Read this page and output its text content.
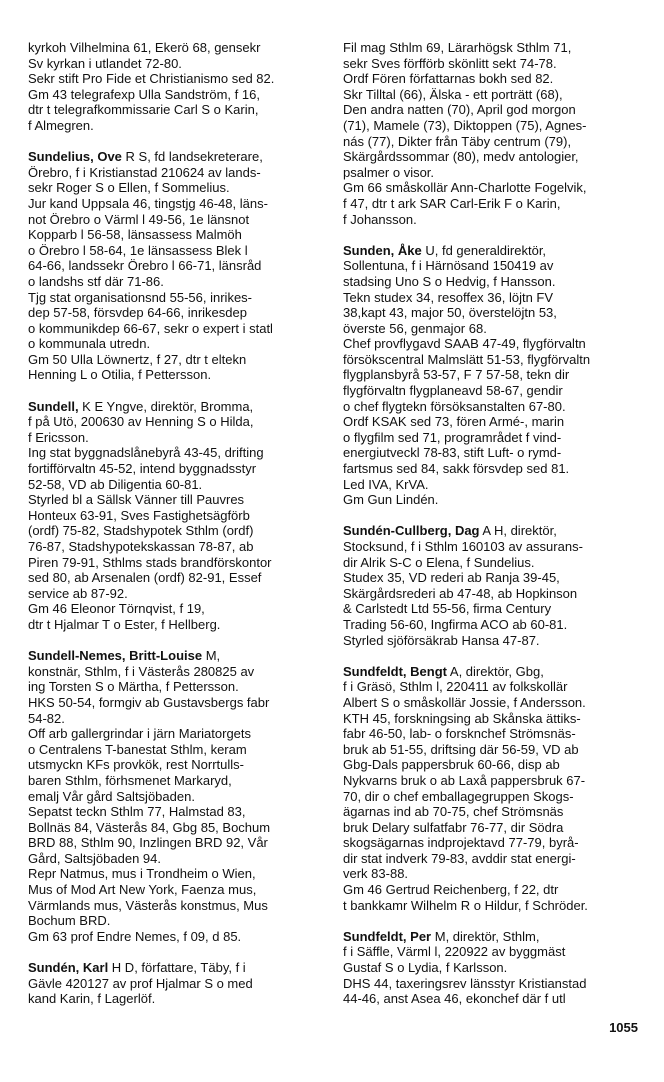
kyrkoh Vilhelmina 61, Ekerö 68, gensekr
Sv kyrkan i utlandet 72-80.
Sekr stift Pro Fide et Christianismo sed 82.
Gm 43 telegrafexp Ulla Sandström, f 16,
dtr t telegrafkommissarie Carl S o Karin,
f Almegren.
Sundelius, Ove R S, fd landsekreterare,
Örebro, f i Kristianstad 210624 av lands-
sekr Roger S o Ellen, f Sommelius.
Jur kand Uppsala 46, tingstjg 46-48, läns-
not Örebro o Värml l 49-56, 1e länsnot
Kopparb l 56-58, länsassess Malmöh
o Örebro l 58-64, 1e länsassess Blek l
64-66, landssekr Örebro l 66-71, länsråd
o landshs stf där 71-86.
Tjg stat organisationsnd 55-56, inrikes-
dep 57-58, försvdep 64-66, inrikesdep
o kommunikdep 66-67, sekr o expert i statl
o kommunala utredn.
Gm 50 Ulla Löwnertz, f 27, dtr t eltekn
Henning L o Otilia, f Pettersson.
Sundell, K E Yngve, direktör, Bromma,
f på Utö, 200630 av Henning S o Hilda,
f Ericsson.
Ing stat byggnadslånebyrå 43-45, drifting
fortifförvaltn 45-52, intend byggnadsstyr
52-58, VD ab Diligentia 60-81.
Styrled bl a Sällsk Vänner till Pauvres
Honteux 63-91, Sves Fastighetsägförb
(ordf) 75-82, Stadshypotek Sthlm (ordf)
76-87, Stadshypotekskassan 78-87, ab
Piren 79-91, Sthlms stads brandförskontor
sed 80, ab Arsenalen (ordf) 82-91, Essef
service ab 87-92.
Gm 46 Eleonor Törnqvist, f 19,
dtr t Hjalmar T o Ester, f Hellberg.
Sundell-Nemes, Britt-Louise M,
konstnär, Sthlm, f i Västerås 280825 av
ing Torsten S o Märtha, f Pettersson.
HKS 50-54, formgiv ab Gustavsbergs fabr
54-82.
Off arb gallergrindar i järn Mariatorgets
o Centralens T-banestat Sthlm, keram
utsmyckn KFs provkök, rest Norrtulls-
baren Sthlm, förhsmenet Markaryd,
emalj Vår gård Saltsjöbaden.
Sepatst teckn Sthlm 77, Halmstad 83,
Bollnäs 84, Västerås 84, Gbg 85, Bochum
BRD 88, Sthlm 90, Inzlingen BRD 92, Vår
Gård, Saltsjöbaden 94.
Repr Natmus, mus i Trondheim o Wien,
Mus of Mod Art New York, Faenza mus,
Värmlands mus, Västerås konstmus, Mus
Bochum BRD.
Gm 63 prof Endre Nemes, f 09, d 85.
Sundén, Karl H D, författare, Täby, f i
Gävle 420127 av prof Hjalmar S o med
kand Karin, f Lagerlöf.
Fil mag Sthlm 69, Lärarhögsk Sthlm 71,
sekr Sves förfförb skönlitt sekt 74-78.
Ordf Fören författarnas bokh sed 82.
Skr Tilltal (66), Älska - ett porträtt (68),
Den andra natten (70), April god morgon
(71), Mamele (73), Diktoppen (75), Agnes-
nás (77), Dikter från Täby centrum (79),
Skärgårdssommar (80), medv antologier,
psalmer o visor.
Gm 66 småskollär Ann-Charlotte Fogelvik,
f 47, dtr t ark SAR Carl-Erik F o Karin,
f Johansson.
Sunden, Åke U, fd generaldirektör,
Sollentuna, f i Härnösand 150419 av
stadsing Uno S o Hedvig, f Hansson.
Tekn studex 34, resoffex 36, löjtn FV
38,kapt 43, major 50, överstelöjtn 53,
överste 56, genmajor 68.
Chef provflygavd SAAB 47-49, flygförvaltn
försökscentral Malmslätt 51-53, flygförvaltn
flygplansbyrå 53-57, F 7 57-58, tekn dir
flygförvaltn flygplaneavd 58-67, gendir
o chef flygtekn försöksanstalten 67-80.
Ordf KSAK sed 73, fören Armé-, marin
o flygfilm sed 71, programrådet f vind-
energiutveckl 78-83, stift Luft- o rymd-
fartsmus sed 84, sakk försvdep sed 81.
Led IVA, KrVA.
Gm Gun Lindén.
Sundén-Cullberg, Dag A H, direktör,
Stocksund, f i Sthlm 160103 av assurans-
dir Alrik S-C o Elena, f Sundelius.
Studex 35, VD rederi ab Ranja 39-45,
Skärgårdsrederi ab 47-48, ab Hopkinson
& Carlstedt Ltd 55-56, firma Century
Trading 56-60, Ingfirma ACO ab 60-81.
Styrled sjöförsäkrab Hansa 47-87.
Sundfeldt, Bengt A, direktör, Gbg,
f i Gräsö, Sthlm l, 220411 av folkskollär
Albert S o småskollär Jossie, f Andersson.
KTH 45, forskningsing ab Skånska ättiks-
fabr 46-50, lab- o forsknchef Strömsnäs-
bruk ab 51-55, driftsing där 56-59, VD ab
Gbg-Dals pappersbruk 60-66, disp ab
Nykvarns bruk o ab Laxå pappersbruk 67-
70, dir o chef emballagegruppen Skogs-
ägarnas ind ab 70-75, chef Strömsnäs
bruk Delary sulfatfabr 76-77, dir Södra
skogsägarnas indprojektavd 77-79, byrå-
dir stat indverk 79-83, avddir stat energi-
verk 83-88.
Gm 46 Gertrud Reichenberg, f 22, dtr
t bankkamr Wilhelm R o Hildur, f Schröder.
Sundfeldt, Per M, direktör, Sthlm,
f i Säffle, Värml l, 220922 av byggmäst
Gustaf S o Lydia, f Karlsson.
DHS 44, taxeringsrev länsstyr Kristianstad
44-46, anst Asea 46, ekonchef där f utl
1055
